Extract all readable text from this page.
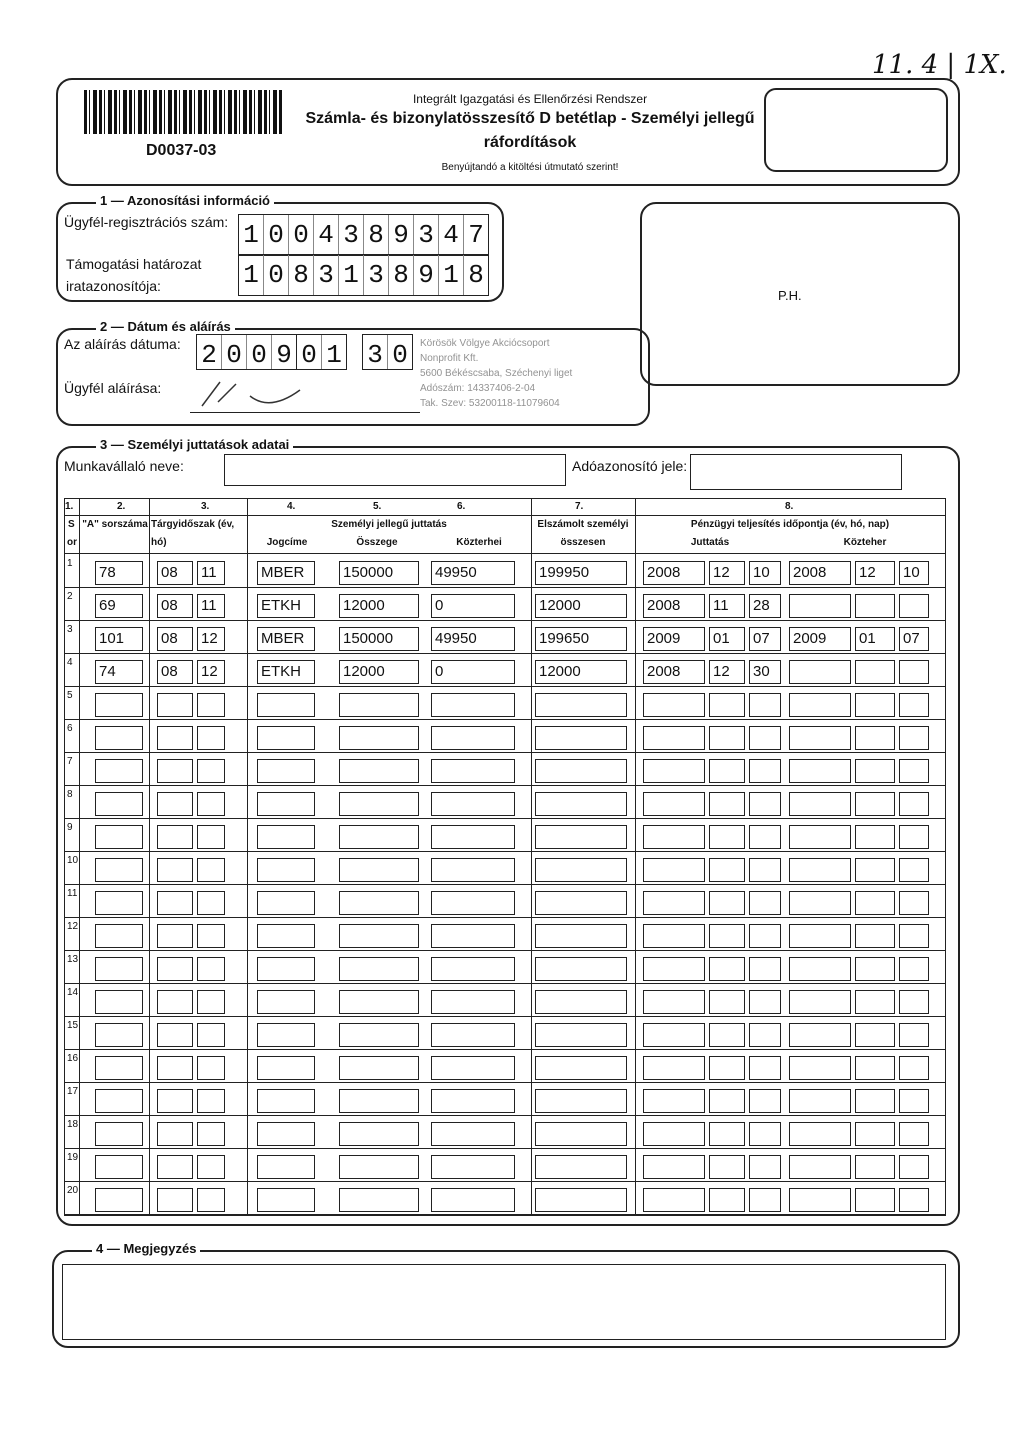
11. 4 | 1X.
D0037-03
Integrált Igazgatási és Ellenőrzési Rendszer
Számla- és bizonylatösszesítő D betétlap - Személyi jellegű
ráfordítások
Benyújtandó a kitöltési útmutató szerint!
1 — Azonosítási információ
Ügyfél-regisztrációs szám: 1 0 0 4 3 8 9 3 4 7
Támogatási határozat
iratazonosítója:	1 0 8 3 1 3 8 9 1 8
P.H.
2 — Dátum és aláírás
Az aláírás dátuma: 2 0 0 9 0 1 3 0
Ügyfél aláírása:
Körösök Völgye Akciócsoport
Nonprofit Kft.
5600 Békéscsaba, Széchenyi liget
Adószám: 14337406-2-04
Tak. Szev: 53200118-11079604
3 — Személyi juttatások adatai
Munkavállaló neve:	Adóazonosító jele:
1.	2.	3.	4.	5.	6.	7.	8.
S
or
"A" sorszáma Tárgyidőszak (év,
hó)
Személyi jellegű juttatás
Jogcíme	Összege	Közterhei
Elszámolt személyi
összesen
Pénzügyi teljesítés időpontja (év, hó, nap)
Juttatás	Közteher
1
78	08	11	MBER	150000	49950	199950	2008	12	10	2008	12	10
2
69	08	11	ETKH	12000	0	12000	2008	11	28
3
101	08	12	MBER	150000	49950	199650	2009	01	07	2009	01	07
4
74	08	12	ETKH	12000	0	12000	2008	12	30
5
6
7
8
9
10
11
12
13
14
15
16
17
18
19
20
4 — Megjegyzés
